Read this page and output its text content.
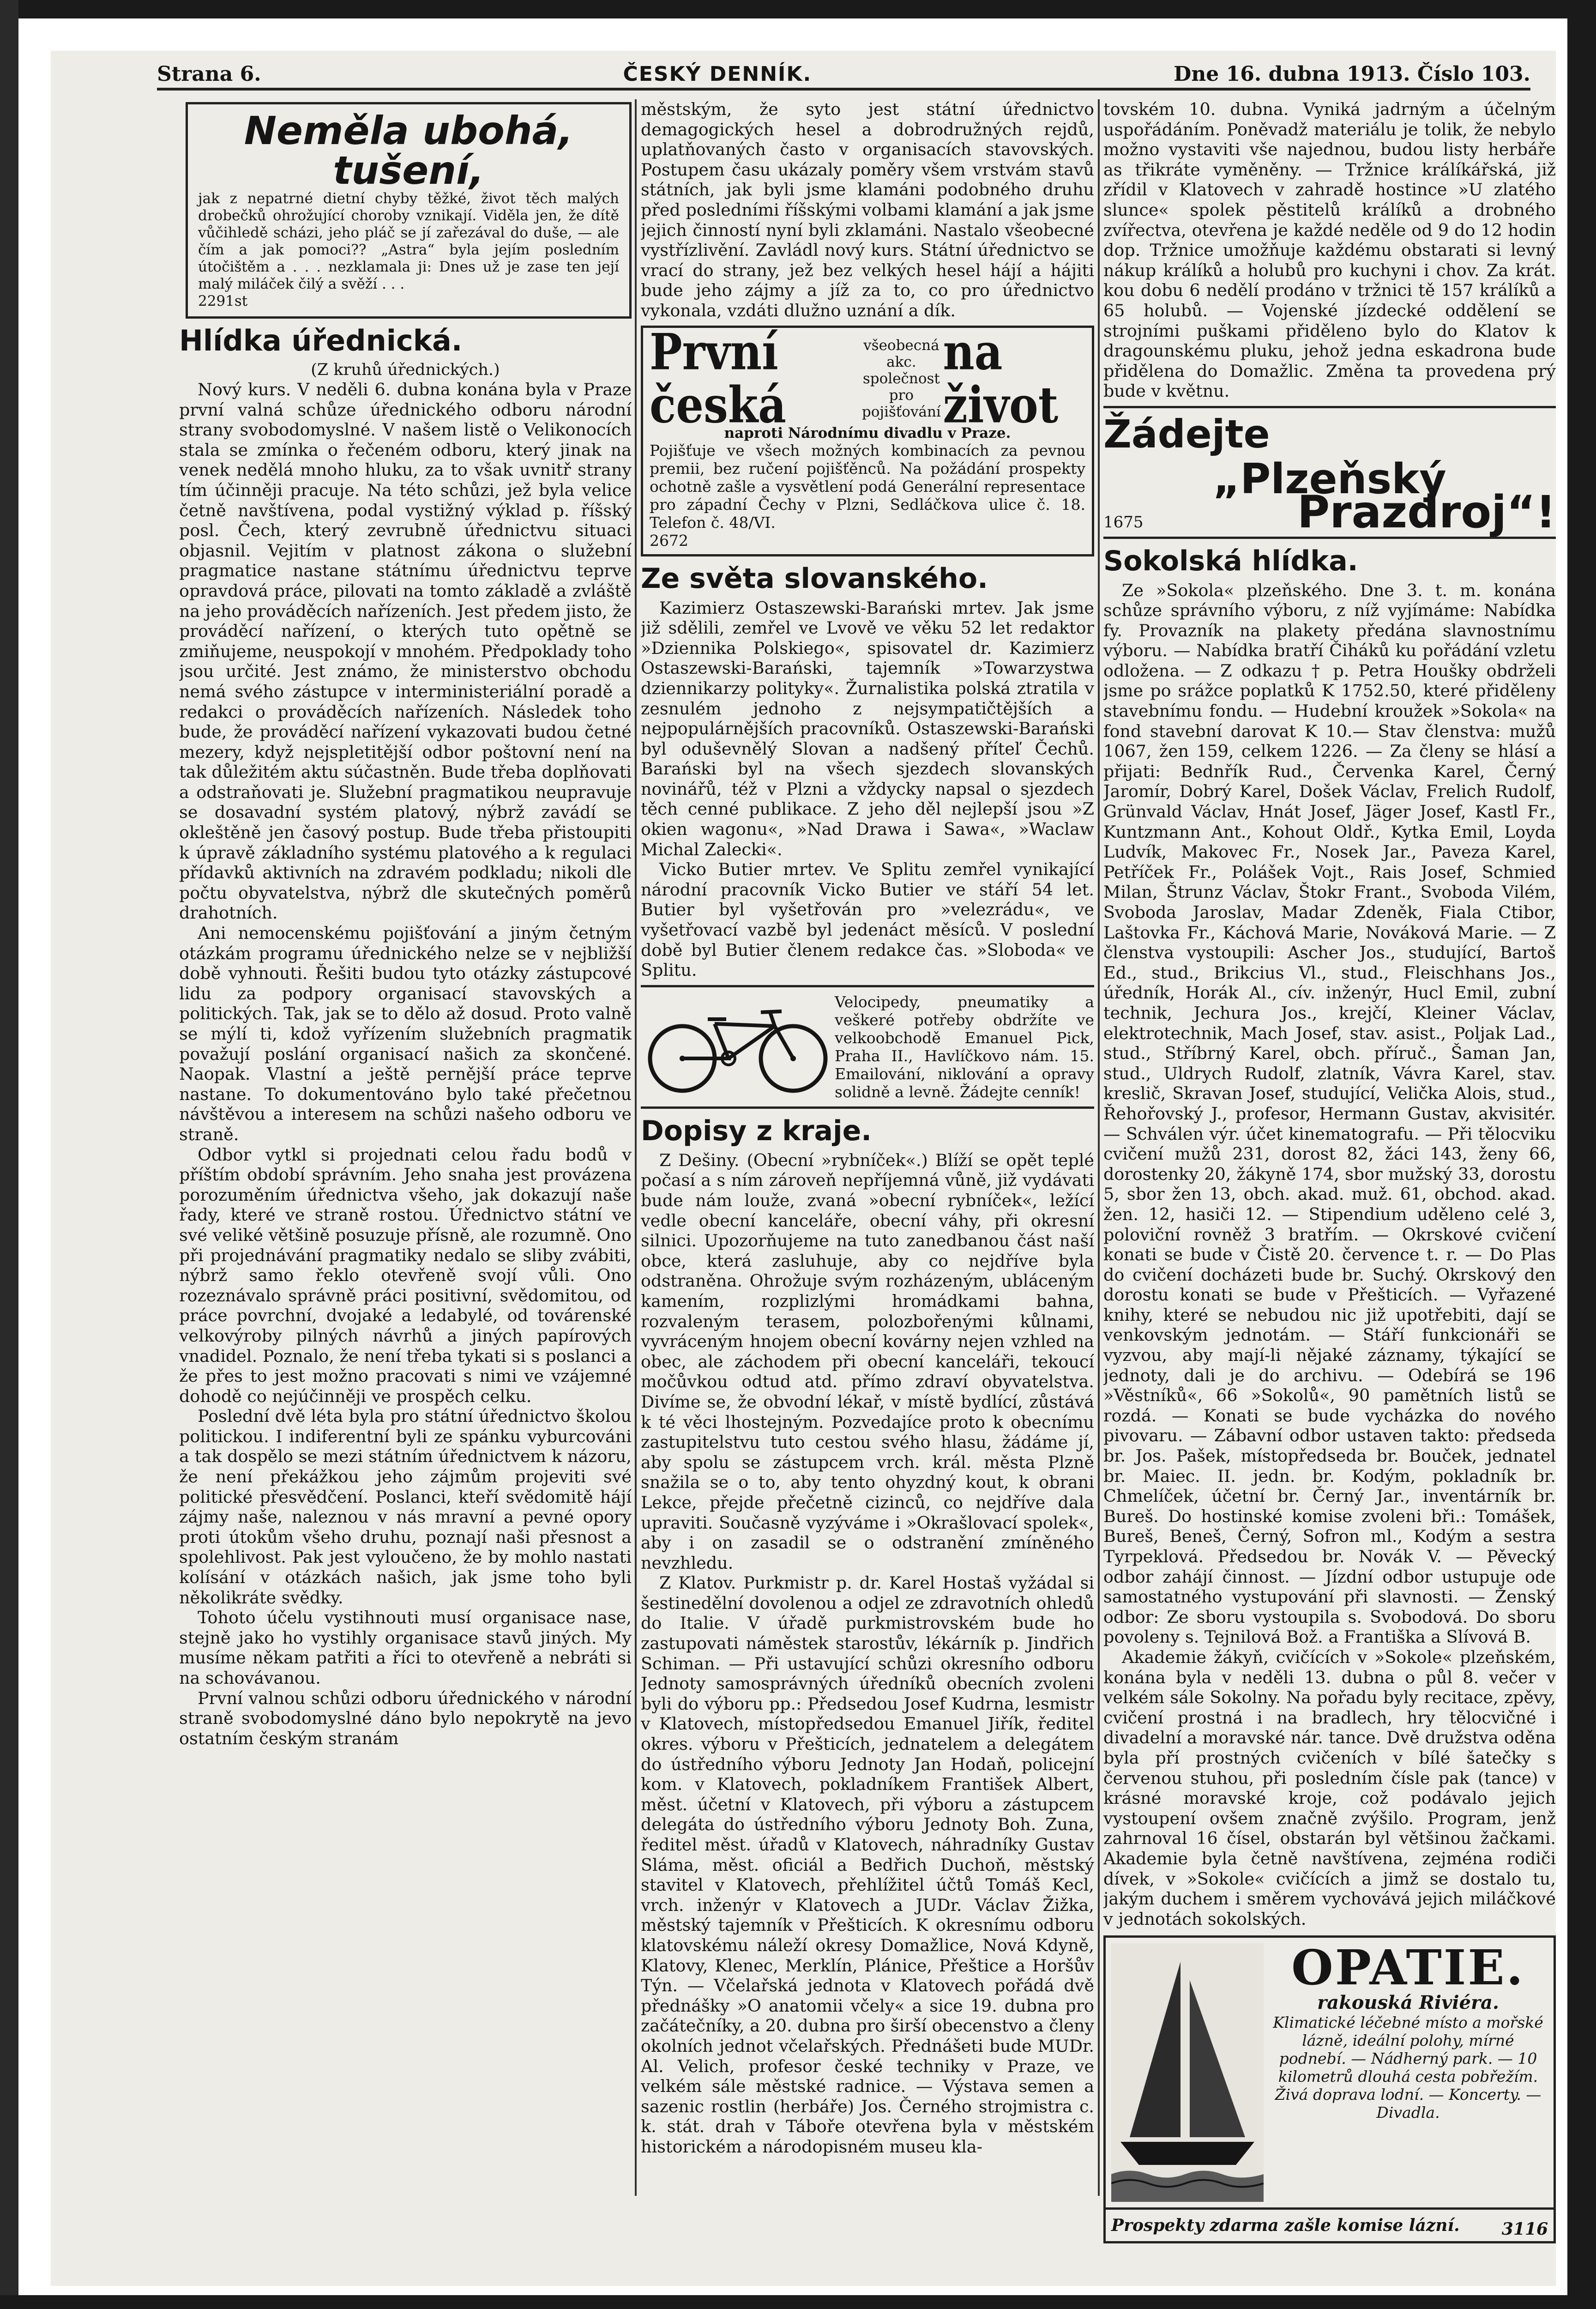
Strana 6.	ČESKÝ DENNÍK.	Dne 16. dubna 1913. Číslo 103.
Neměla ubohá,
tušení,
jak z nepatrné dietní chyby těžké, život těch malých drobečků ohrožující choroby vznikají. Viděla jen, že dítě vůčihledě scházi, jeho pláč se jí zařezával do duše, — ale čím a jak pomoci?? „Astra“ byla jejím posledním útočištěm a . . . nezklamala ji: Dnes už je zase ten její malý miláček čilý a svěží . . .
2291st
Hlídka úřednická.
(Z kruhů úřednických.)

Nový kurs. V neděli 6. dubna konána byla v Praze první valná schůze úřednického odboru národní strany svobodomyslné. V našem listě o Velikonocích stala se zmínka o řečeném odboru, který jinak na venek nedělá mnoho hluku, za to však uvnitř strany tím účinněji pracuje. Na této schůzi, jež byla velice četně navštívena, podal vystižný výklad p. říšský posl. Čech, který zevrubně úřednictvu situaci objasnil. Vejitím v platnost zákona o služební pragmatice nastane státnímu úřednictvu teprve opravdová práce, pilovati na tomto základě a zvláště na jeho prováděcích nařízeních. Jest předem jisto, že prováděcí nařízení, o kterých tuto opětně se zmiňujeme, neuspokojí v mnohém. Předpoklady toho jsou určité. Jest známo, že ministerstvo obchodu nemá svého zástupce v interministeriální poradě a redakci o prováděcích nařízeních. Následek toho bude, že prováděcí nařízení vykazovati budou četné mezery, když nejspletitější odbor poštovní není na tak důležitém aktu súčastněn. Bude třeba doplňovati a odstraňovati je. Služební pragmatikou neupravuje se dosavadní systém platový, nýbrž zavádí se okleštěně jen časový postup. Bude třeba přistoupiti k úpravě základního systému platového a k regulaci přídavků aktivních na zdravém podkladu; nikoli dle počtu obyvatelstva, nýbrž dle skutečných poměrů drahotních.

Ani nemocenskému pojišťování a jiným četným otázkám programu úřednického nelze se v nejbližší době vyhnouti. Řešiti budou tyto otázky zástupcové lidu za podpory organisací stavovských a politických. Tak, jak se to dělo až dosud. Proto valně se mýlí ti, kdož vyřízením služebních pragmatik považují poslání organisací našich za skončené. Naopak. Vlastní a ještě pernější práce teprve nastane. To dokumentováno bylo také přečetnou návštěvou a interesem na schůzi našeho odboru ve straně.

Odbor vytkl si projednati celou řadu bodů v příštím období správním. Jeho snaha jest provázena porozuměním úřednictva všeho, jak dokazují naše řady, které ve straně rostou. Úřednictvo státní ve své veliké většině posuzuje přísně, ale rozumně. Ono při projednávání pragmatiky nedalo se sliby zvábiti, nýbrž samo řeklo otevřeně svojí vůli. Ono rozeznávalo správně práci positivní, svědomitou, od práce povrchní, dvojaké a ledabylé, od továrenské velkovýroby pilných návrhů a jiných papírových vnadidel. Poznalo, že není třeba tykati si s poslanci a že přes to jest možno pracovati s nimi ve vzájemné dohodě co nejúčinněji ve prospěch celku.

Poslední dvě léta byla pro státní úřednictvo školou politickou. I indiferentní byli ze spánku vyburcováni a tak dospělo se mezi státním úřednictvem k názoru, že není překážkou jeho zájmům projeviti své politické přesvědčení. Poslanci, kteří svědomitě hájí zájmy naše, naleznou v nás mravní a pevné opory proti útokům všeho druhu, poznají naši přesnost a spolehlivost. Pak jest vyloučeno, že by mohlo nastati kolísání v otázkách našich, jak jsme toho byli několikráte svědky.

Tohoto účelu vystihnouti musí organisace nase, stejně jako ho vystihly organisace stavů jiných. My musíme někam patřiti a říci to otevřeně a nebráti si na schovávanou.

První valnou schůzi odboru úřednického v národní straně svobodomyslné dáno bylo nepokrytě na jevo ostatním českým stranám

městským, že syto jest státní úřednictvo demagogických hesel a dobrodružných rejdů, uplatňovaných často v organisacích stavovských. Postupem času ukázaly poměry všem vrstvám stavů státních, jak byli jsme klamáni podobného druhu před posledními říšskými volbami klamání a jak jsme jejich činností nyní byli zklamáni. Nastalo všeobecné vystřízlivění. Zavládl nový kurs. Státní úřednictvo se vrací do strany, jež bez velkých hesel hájí a hájiti bude jeho zájmy a jíž za to, co pro úřednictvo vykonala, vzdáti dlužno uznání a dík.

První česká
všeobecná akc. společnost pro pojišťování
na život
naproti Národnímu divadlu v Praze.
Pojišťuje ve všech možných kombinacích za pevnou premii, bez ručení pojišťěnců. Na požádání prospekty ochotně zašle a vysvětlení podá Generální representace pro západní Čechy v Plzni, Sedláčkova ulice č. 18. Telefon č. 48/VI.
2672
Ze světa slovanského.

Kazimierz Ostaszewski-Barański mrtev. Jak jsme již sdělili, zemřel ve Lvově ve věku 52 let redaktor »Dziennika Polskiego«, spisovatel dr. Kazimierz Ostaszewski-Barański, tajemník »Towarzystwa dziennikarzy polityky«. Žurnalistika polská ztratila v zesnulém jednoho z nejsympatičtějších a nejpopulárnějších pracovníků. Ostaszewski-Barański byl oduševnělý Slovan a nadšený příteľ Čechů. Barański byl na všech sjezdech slovanských novinářů, též v Plzni a vždycky napsal o sjezdech těch cenné publikace. Z jeho děl nejlepší jsou »Z okien wagonu«, »Nad Drawa i Sawa«, »Waclaw Michal Zalecki«.

Vicko Butier mrtev. Ve Splitu zemřel vynikající národní pracovník Vicko Butier ve stáří 54 let. Butier byl vyšetřován pro »velezrádu«, ve vyšetřovací vazbě byl jedenáct měsíců. V poslední době byl Butier členem redakce čas. »Sloboda« ve Splitu.

Velocipedy, pneumatiky a veškeré potřeby obdržíte ve velkoobchodě Emanuel Pick, Praha II., Havlíčkovo nám. 15. Emailování, niklování a opravy solidně a levně. Žádejte cenník!
Dopisy z kraje.

Z Dešiny. (Obecní »rybníček«.) Blíží se opět teplé počasí a s ním zároveň nepříjemná vůně, již vydávati bude nám louže, zvaná »obecní rybníček«, ležící vedle obecní kanceláře, obecní váhy, při okresní silnici. Upozorňujeme na tuto zanedbanou část naší obce, která zasluhuje, aby co nejdříve byla odstraněna. Ohrožuje svým rozházeným, ubláceným kamením, rozplizlými hromádkami bahna, rozvaleným terasem, polozbořenými kůlnami, vyvráceným hnojem obecní kovárny nejen vzhled na obec, ale záchodem při obecní kanceláři, tekoucí močůvkou odtud atd. přímo zdraví obyvatelstva. Divíme se, že obvodní lékař, v místě bydlící, zůstává k té věci lhostejným. Pozvedajíce proto k obecnímu zastupitelstvu tuto cestou svého hlasu, žádáme jí, aby spolu se zástupcem vrch. král. města Plzně snažila se o to, aby tento ohyzdný kout, k obrani Lekce, přejde přečetně cizinců, co nejdříve dala upraviti. Současně vyzýváme i »Okrašlovací spolek«, aby i on zasadil se o odstranění zmíněného nevzhledu.

Z Klatov. Purkmistr p. dr. Karel Hostaš vyžádal si šestinedělní dovolenou a odjel ze zdravotních ohledů do Italie. V úřadě purkmistrovském bude ho zastupovati náměstek starostův, lékárník p. Jindřich Schiman. — Při ustavující schůzi okresního odboru Jednoty samosprávných úředníků obecních zvoleni byli do výboru pp.: Předsedou Josef Kudrna, lesmistr v Klatovech, místopředsedou Emanuel Jiřík, ředitel okres. výboru v Přešticích, jednatelem a delegátem do ústředního výboru Jednoty Jan Hodaň, policejní kom. v Klatovech, pokladníkem František Albert, měst. účetní v Klatovech, při výboru a zástupcem delegáta do ústředního výboru Jednoty Boh. Zuna, ředitel měst. úřadů v Klatovech, náhradníky Gustav Sláma, měst. oficiál a Bedřich Duchoň, městský stavitel v Klatovech, přehlížitel účtů Tomáš Kecl, vrch. inženýr v Klatovech a JUDr. Václav Žižka, městský tajemník v Přešticích. K okresnímu odboru klatovskému náleží okresy Domažlice, Nová Kdyně, Klatovy, Klenec, Merklín, Plánice, Přeštice a Horšův Týn. — Včelařská jednota v Klatovech pořádá dvě přednášky »O anatomii včely« a sice 19. dubna pro začátečníky, a 20. dubna pro širší obecenstvo a členy okolních jednot včelařských. Přednášeti bude MUDr. Al. Velich, profesor české techniky v Praze, ve velkém sále městské radnice. — Výstava semen a sazenic rostlin (herbáře) Jos. Černého strojmistra c. k. stát. drah v Táboře otevřena byla v městském historickém a národopisném museu kla-

tovském 10. dubna. Vyniká jadrným a účelným uspořádáním. Poněvadž materiálu je tolik, že nebylo možno vystaviti vše najednou, budou listy herbáře as třikráte vyměněny. — Tržnice králíkářská, již zřídil v Klatovech v zahradě hostince »U zlatého slunce« spolek pěstitelů králíků a drobného zvířectva, otevřena je každé neděle od 9 do 12 hodin dop. Tržnice umožňuje každému obstarati si levný nákup králíků a holubů pro kuchyni i chov. Za krát. kou dobu 6 nedělí prodáno v tržnici tě 157 králíků a 65 holubů. — Vojenské jízdecké oddělení se strojními puškami přiděleno bylo do Klatov k dragounskému pluku, jehož jedna eskadrona bude přidělena do Domažlic. Změna ta provedena prý bude v květnu.

Žádejte
„Plzeňský
1675	Prazdroj“!
Sokolská hlídka.

Ze »Sokola« plzeňského. Dne 3. t. m. konána schůze správního výboru, z níž vyjímáme: Nabídka fy. Provazník na plakety předána slavnostnímu výboru. — Nabídka bratří Čiháků ku pořádání vzletu odložena. — Z odkazu † p. Petra Houšky obdrželi jsme po srážce poplatků K 1752.50, které přiděleny stavebnímu fondu. — Hudební kroužek »Sokola« na fond stavební darovat K 10.— Stav členstva: mužů 1067, žen 159, celkem 1226. — Za členy se hlásí a přijati: Bednřík Rud., Červenka Karel, Černý Jaromír, Dobrý Karel, Došek Václav, Frelich Rudolf, Grünvald Václav, Hnát Josef, Jäger Josef, Kastl Fr., Kuntzmann Ant., Kohout Oldř., Kytka Emil, Loyda Ludvík, Makovec Fr., Nosek Jar., Paveza Karel, Petříček Fr., Polášek Vojt., Rais Josef, Schmied Milan, Štrunz Václav, Štokr Frant., Svoboda Vilém, Svoboda Jaroslav, Madar Zdeněk, Fiala Ctibor, Laštovka Fr., Káchová Marie, Nováková Marie. — Z členstva vystoupili: Ascher Jos., studující, Bartoš Ed., stud., Brikcius Vl., stud., Fleischhans Jos., úředník, Horák Al., cív. inženýr, Hucl Emil, zubní technik, Jechura Jos., krejčí, Kleiner Václav, elektrotechnik, Mach Josef, stav. asist., Poljak Lad., stud., Stříbrný Karel, obch. příruč., Šaman Jan, stud., Uldrych Rudolf, zlatník, Vávra Karel, stav. kreslič, Skravan Josef, studující, Velička Alois, stud., Řehořovský J., profesor, Hermann Gustav, akvisitér. — Schválen výr. účet kinematografu. — Při tělocviku cvičení mužů 231, dorost 82, žáci 143, ženy 66, dorostenky 20, žákyně 174, sbor mužský 33, dorostu 5, sbor žen 13, obch. akad. muž. 61, obchod. akad. žen. 12, hasiči 12. — Stipendium uděleno celé 3, poloviční rovněž 3 bratřím. — Okrskové cvičení konati se bude v Čistě 20. července t. r. — Do Plas do cvičení docházeti bude br. Suchý. Okrskový den dorostu konati se bude v Přešticích. — Vyřazené knihy, které se nebudou nic již upotřebiti, dají se venkovským jednotám. — Stáří funkcionáři se vyzvou, aby mají-li nějaké záznamy, týkající se jednoty, dali je do archivu. — Odebírá se 196 »Věstníků«, 66 »Sokolů«, 90 pamětních listů se rozdá. — Konati se bude vycházka do nového pivovaru. — Zábavní odbor ustaven takto: předseda br. Jos. Pašek, místopředseda br. Bouček, jednatel br. Maiec. II. jedn. br. Kodým, pokladník br. Chmelíček, účetní br. Černý Jar., inventárník br. Bureš. Do hostinské komise zvoleni bři.: Tomášek, Bureš, Beneš, Černý, Sofron ml., Kodým a sestra Tyrpeklová. Předsedou br. Novák V. — Pěvecký odbor zahájí činnost. — Jízdní odbor ustupuje ode samostatného vystupování při slavnosti. — Ženský odbor: Ze sboru vystoupila s. Svobodová. Do sboru povoleny s. Tejnilová Bož. a Františka a Slívová B.

Akademie žákyň, cvičících v »Sokole« plzeňském, konána byla v neděli 13. dubna o půl 8. večer v velkém sále Sokolny. Na pořadu byly recitace, zpěvy, cvičení prostná i na bradlech, hry tělocvičné i divadelní a moravské nár. tance. Dvě družstva oděna byla pří prostných cvičeních v bílé šatečky s červenou stuhou, při posledním čísle pak (tance) v krásné moravské kroje, což podávalo jejich vystoupení ovšem značně zvýšilo. Program, jenž zahrnoval 16 čísel, obstarán byl většinou žačkami. Akademie byla četně navštívena, zejména rodiči dívek, v »Sokole« cvičících a jimž se dostalo tu, jakým duchem i směrem vychovává jejich miláčkové v jednotách sokolských.

OPATIE.
rakouská Riviéra.
Klimatické léčebné místo a mořské lázně, ideální polohy, mírné podnebí. — Nádherný park. — 10 kilometrů dlouhá cesta pobřežím. Živá doprava lodní. — Koncerty. — Divadla.
Prospekty zdarma zašle komise lázní.	3116
